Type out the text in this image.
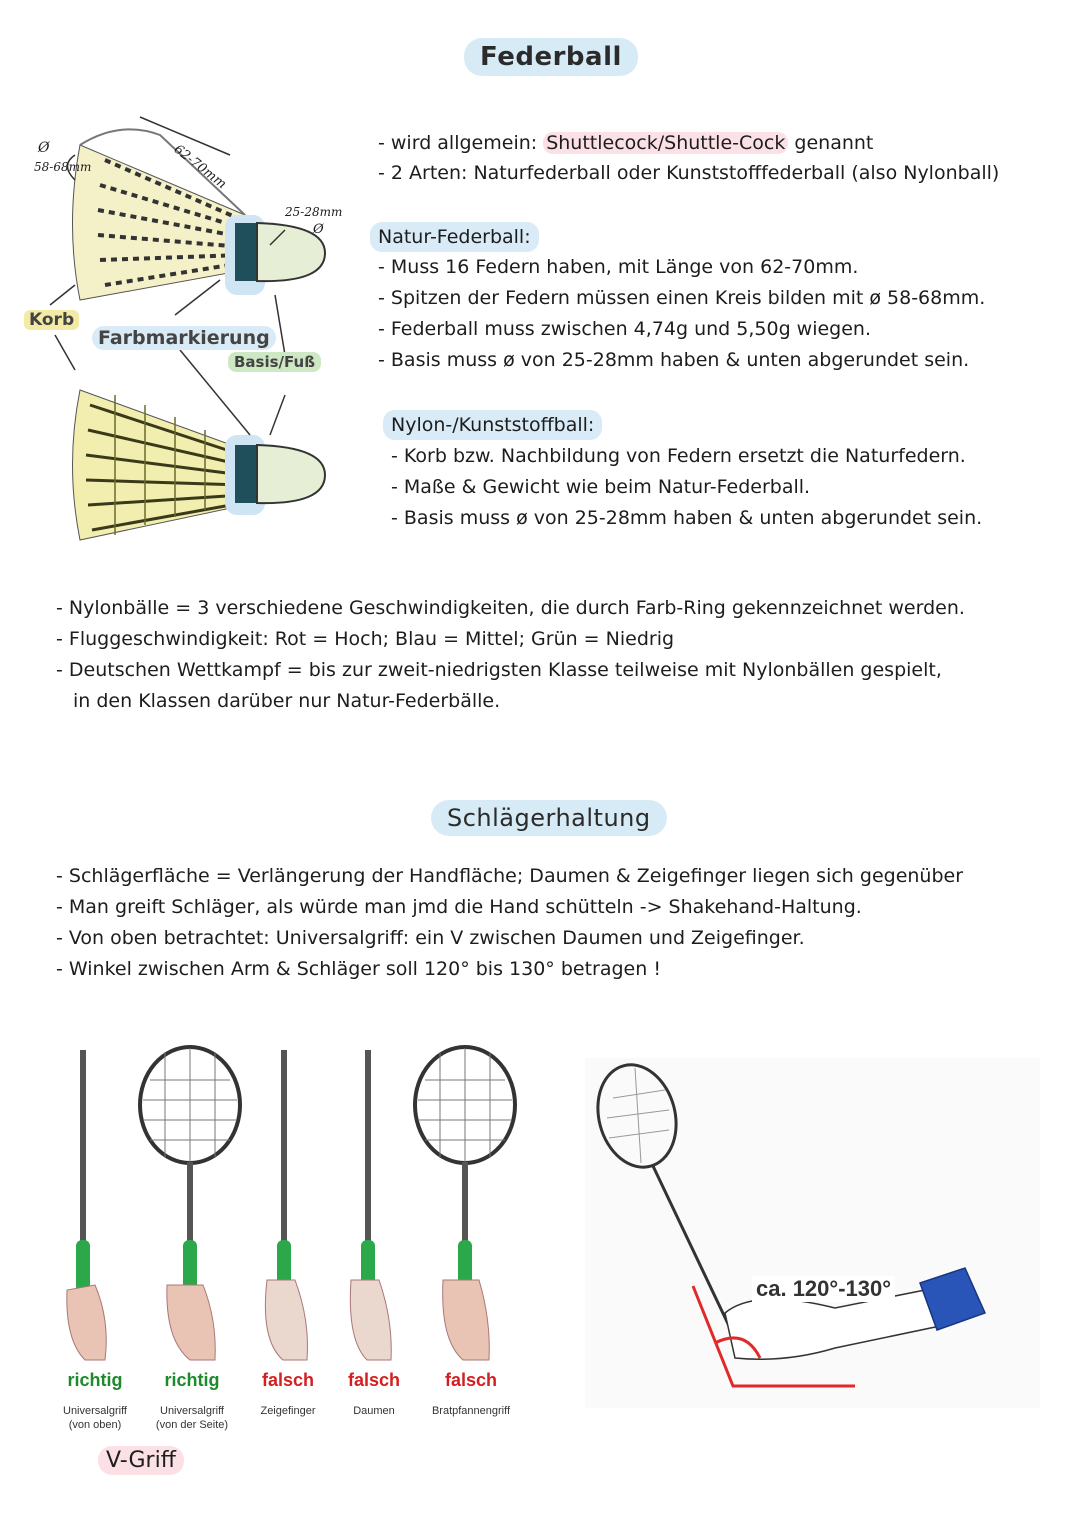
Federball
Ø
58-68mm	62-70mm
25-28mm
Ø
Korb
Farbmarkierung
Basis/Fuß
- wird allgemein: Shuttlecock/Shuttle-Cock genannt
- 2 Arten: Naturfederball oder Kunststofffederball (also Nylonball)
Natur-Federball:
- Muss 16 Federn haben, mit Länge von 62-70mm.
- Spitzen der Federn müssen einen Kreis bilden mit ø 58-68mm.
- Federball muss zwischen 4,74g und 5,50g wiegen.
- Basis muss ø von 25-28mm haben & unten abgerundet sein.
Nylon-/Kunststoffball:
- Korb bzw. Nachbildung von Federn ersetzt die Naturfedern.
- Maße & Gewicht wie beim Natur-Federball.
- Basis muss ø von 25-28mm haben & unten abgerundet sein.
- Nylonbälle = 3 verschiedene Geschwindigkeiten, die durch Farb-Ring gekennzeichnet werden.
- Fluggeschwindigkeit: Rot = Hoch; Blau = Mittel; Grün = Niedrig
- Deutschen Wettkampf = bis zur zweit-niedrigsten Klasse teilweise mit Nylonbällen gespielt,
in den Klassen darüber nur Natur-Federbälle.
Schlägerhaltung
- Schlägerfläche = Verlängerung der Handfläche; Daumen & Zeigefinger liegen sich gegenüber
- Man greift Schläger, als würde man jmd die Hand schütteln -> Shakehand-Haltung.
- Von oben betrachtet: Universalgriff: ein V zwischen Daumen und Zeigefinger.
- Winkel zwischen Arm & Schläger soll 120° bis 130° betragen !
richtig
Universalgriff
(von oben)
richtig
Universalgriff
(von der Seite)
falsch
Zeigefinger
falsch
Daumen
falsch
Bratpfannengriff
V-Griff
ca. 120°-130°
